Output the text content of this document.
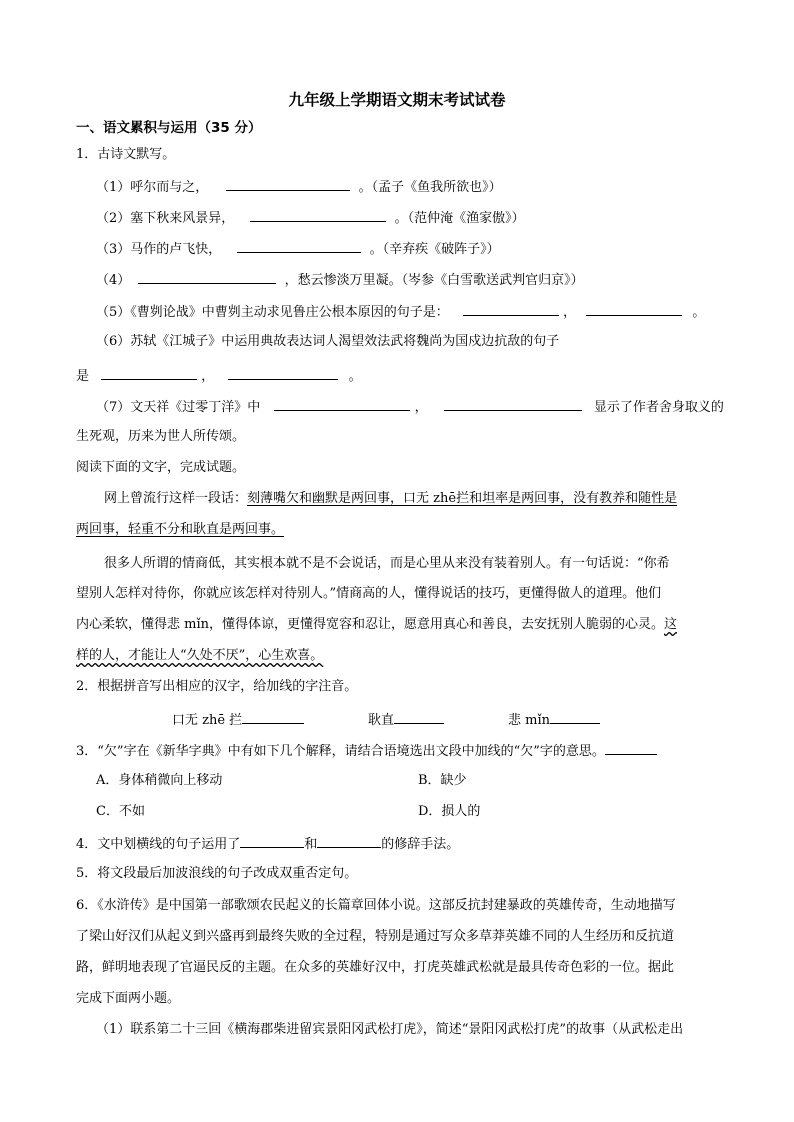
九年级上学期语文期末考试试卷
一、语文累积与运用（35 分）
1．古诗文默写。
（1）呼尔而与之，	。（孟子《鱼我所欲也》）
（2）塞下秋来风景异，	。（范仲淹《渔家傲》）
（3）马作的卢飞快，	。（辛弃疾《破阵子》）
（4）	，愁云惨淡万里凝。（岑参《白雪歌送武判官归京》）
（5）《曹刿论战》中曹刿主动求见鲁庄公根本原因的句子是：	，	。
（6）苏轼《江城子》中运用典故表达词人渴望效法武将魏尚为国戍边抗敌的句子
是	，	。
（7）文天祥《过零丁洋》中	，	显示了作者舍身取义的
生死观，历来为世人所传颂。
阅读下面的文字，完成试题。
网上曾流行这样一段话：刻薄嘴欠和幽默是两回事，口无 zhē拦和坦率是两回事，没有教养和随性是
两回事，轻重不分和耿直是两回事。
很多人所谓的情商低，其实根本就不是不会说话，而是心里从来没有装着别人。有一句话说：“你希
望别人怎样对待你，你就应该怎样对待别人。”情商高的人，懂得说话的技巧，更懂得做人的道理。他们
内心柔软，懂得悲 mǐn，懂得体谅，更懂得宽容和忍让，愿意用真心和善良，去安抚别人脆弱的心灵。这
样的人，才能让人“久处不厌”，心生欢喜。
2．根据拼音写出相应的汉字，给加线的字注音。
口无 zhē 拦	耿直	悲 mǐn
3．“欠”字在《新华字典》中有如下几个解释，请结合语境选出文段中加线的“欠”字的意思。
A．身体稍微向上移动	B．缺少
C．不如	D．损人的
4．文中划横线的句子运用了	和	的修辞手法。
5．将文段最后加波浪线的句子改成双重否定句。
6．《水浒传》是中国第一部歌颂农民起义的长篇章回体小说。这部反抗封建暴政的英雄传奇，生动地描写
了梁山好汉们从起义到兴盛再到最终失败的全过程，特别是通过写众多草莽英雄不同的人生经历和反抗道
路，鲜明地表现了官逼民反的主题。在众多的英雄好汉中，打虎英雄武松就是最具传奇色彩的一位。据此
完成下面两小题。
（1）联系第二十三回《横海郡柴进留宾景阳冈武松打虎》，简述“景阳冈武松打虎”的故事（从武松走出
